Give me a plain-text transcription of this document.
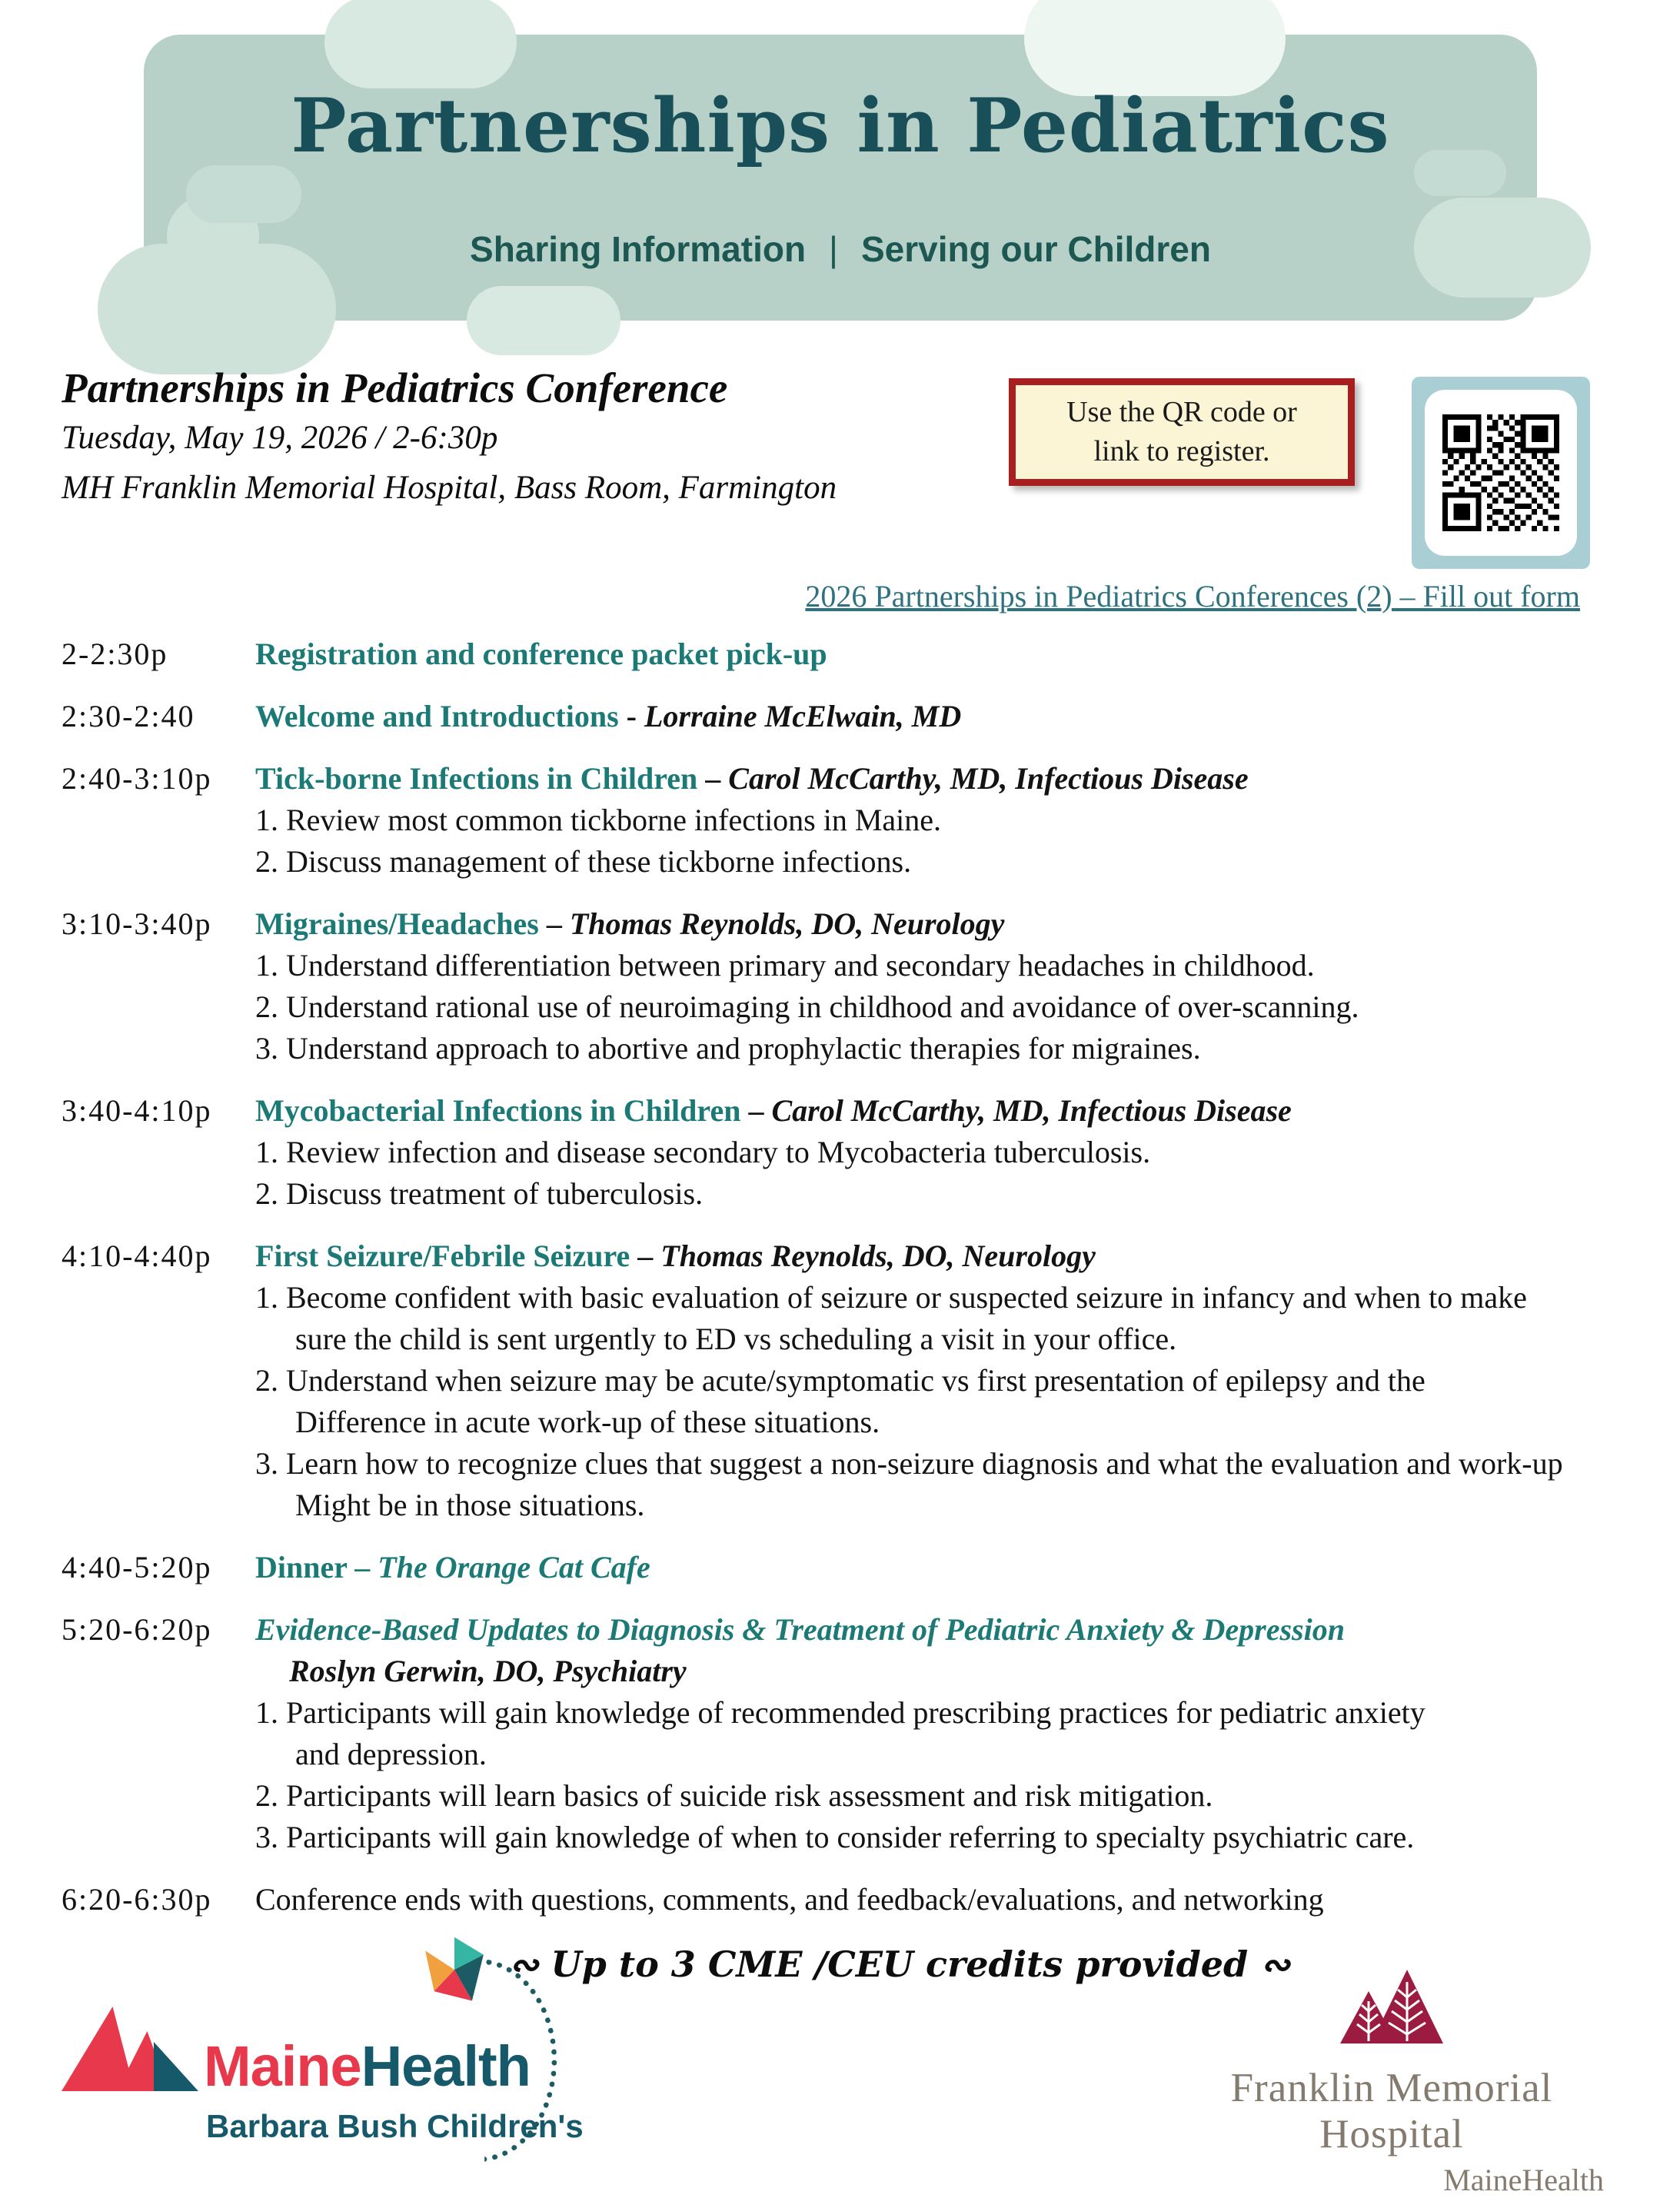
Partnerships in Pediatrics
Sharing Information | Serving our Children
Partnerships in Pediatrics Conference
Tuesday, May 19, 2026 / 2-6:30p
MH Franklin Memorial Hospital, Bass Room, Farmington
Use the QR code or
link to register.
2026 Partnerships in Pediatrics Conferences (2) – Fill out form
2-2:30p	Registration and conference packet pick-up
2:30-2:40	Welcome and Introductions - Lorraine McElwain, MD
2:40-3:10p	Tick-borne Infections in Children – Carol McCarthy, MD, Infectious Disease
1. Review most common tickborne infections in Maine.
2. Discuss management of these tickborne infections.
3:10-3:40p	Migraines/Headaches – Thomas Reynolds, DO, Neurology
1. Understand differentiation between primary and secondary headaches in childhood.
2. Understand rational use of neuroimaging in childhood and avoidance of over-scanning.
3. Understand approach to abortive and prophylactic therapies for migraines.
3:40-4:10p	Mycobacterial Infections in Children – Carol McCarthy, MD, Infectious Disease
1. Review infection and disease secondary to Mycobacteria tuberculosis.
2. Discuss treatment of tuberculosis.
4:10-4:40p	First Seizure/Febrile Seizure – Thomas Reynolds, DO, Neurology
1. Become confident with basic evaluation of seizure or suspected seizure in infancy and when to make
sure the child is sent urgently to ED vs scheduling a visit in your office.
2. Understand when seizure may be acute/symptomatic vs first presentation of epilepsy and the
Difference in acute work-up of these situations.
3. Learn how to recognize clues that suggest a non-seizure diagnosis and what the evaluation and work-up
Might be in those situations.
4:40-5:20p	Dinner – The Orange Cat Cafe
5:20-6:20p	Evidence-Based Updates to Diagnosis & Treatment of Pediatric Anxiety & Depression
Roslyn Gerwin, DO, Psychiatry
1. Participants will gain knowledge of recommended prescribing practices for pediatric anxiety
and depression.
2. Participants will learn basics of suicide risk assessment and risk mitigation.
3. Participants will gain knowledge of when to consider referring to specialty psychiatric care.
6:20-6:30p	Conference ends with questions, comments, and feedback/evaluations, and networking
MaineHealth
Barbara Bush Children's
∾ Up to 3 CME /CEU credits provided ∾
Franklin Memorial Hospital
MaineHealth
